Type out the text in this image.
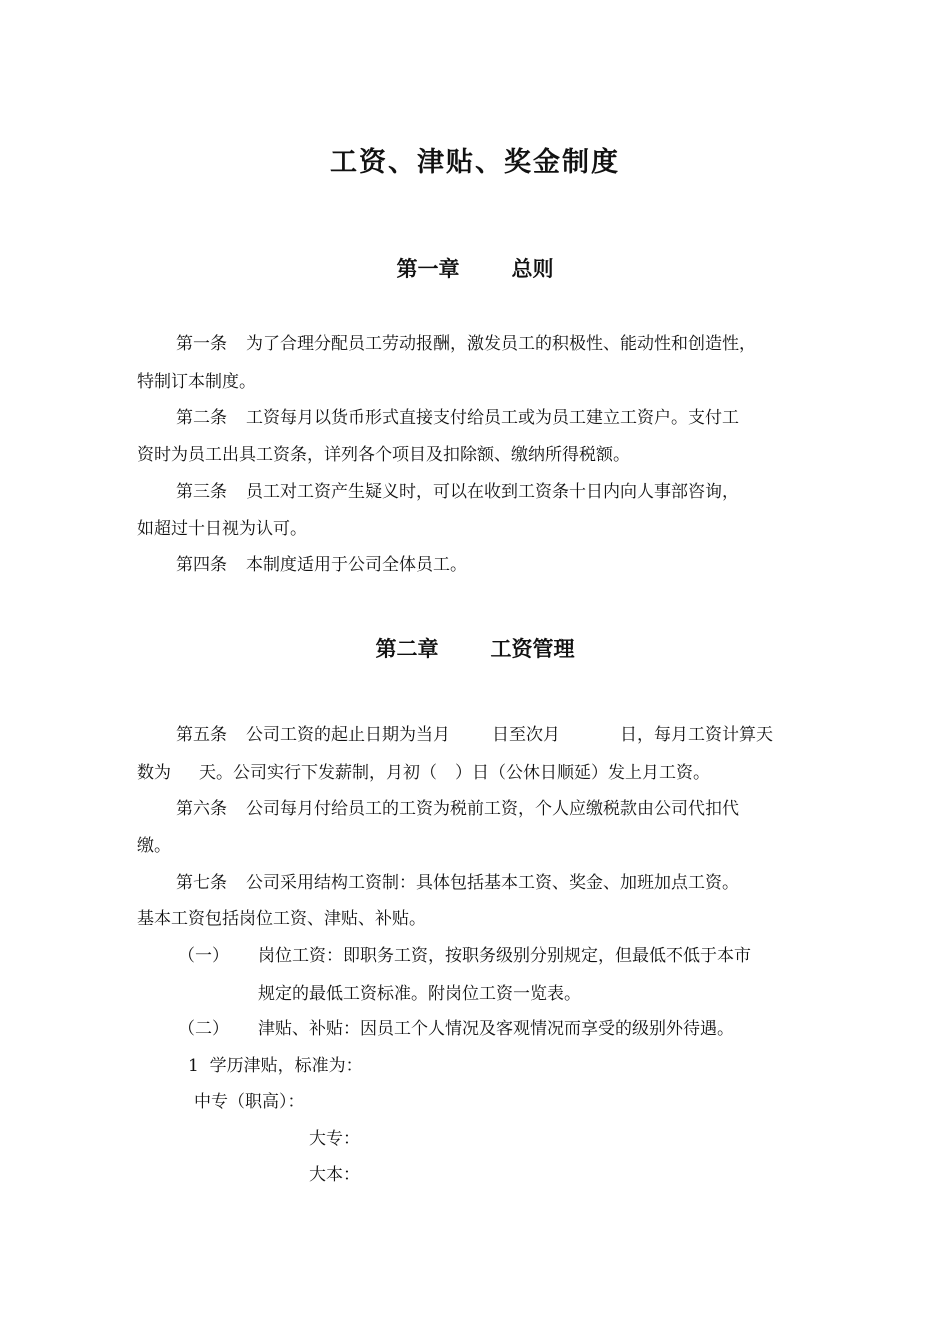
工资、津贴、奖金制度
第一章 总则

第一条 为了合理分配员工劳动报酬，激发员工的积极性、能动性和创造性，

特制订本制度。

第二条 工资每月以货币形式直接支付给员工或为员工建立工资户。支付工

资时为员工出具工资条，详列各个项目及扣除额、缴纳所得税额。

第三条 员工对工资产生疑义时，可以在收到工资条十日内向人事部咨询，

如超过十日视为认可。

第四条 本制度适用于公司全体员工。

第二章 工资管理

第五条 公司工资的起止日期为当月 日至次月	日，每月工资计算天

数为 天。公司实行下发薪制，月初（ ）日（公休日顺延）发上月工资。

第六条 公司每月付给员工的工资为税前工资，个人应缴税款由公司代扣代

缴。

第七条 公司采用结构工资制：具体包括基本工资、奖金、加班加点工资。

基本工资包括岗位工资、津贴、补贴。

（一） 岗位工资：即职务工资，按职务级别分别规定，但最低不低于本市

规定的最低工资标准。附岗位工资一览表。

（二） 津贴、补贴：因员工个人情况及客观情况而享受的级别外待遇。

1  学历津贴，标准为：

中专（职高）：

大专：

大本：
